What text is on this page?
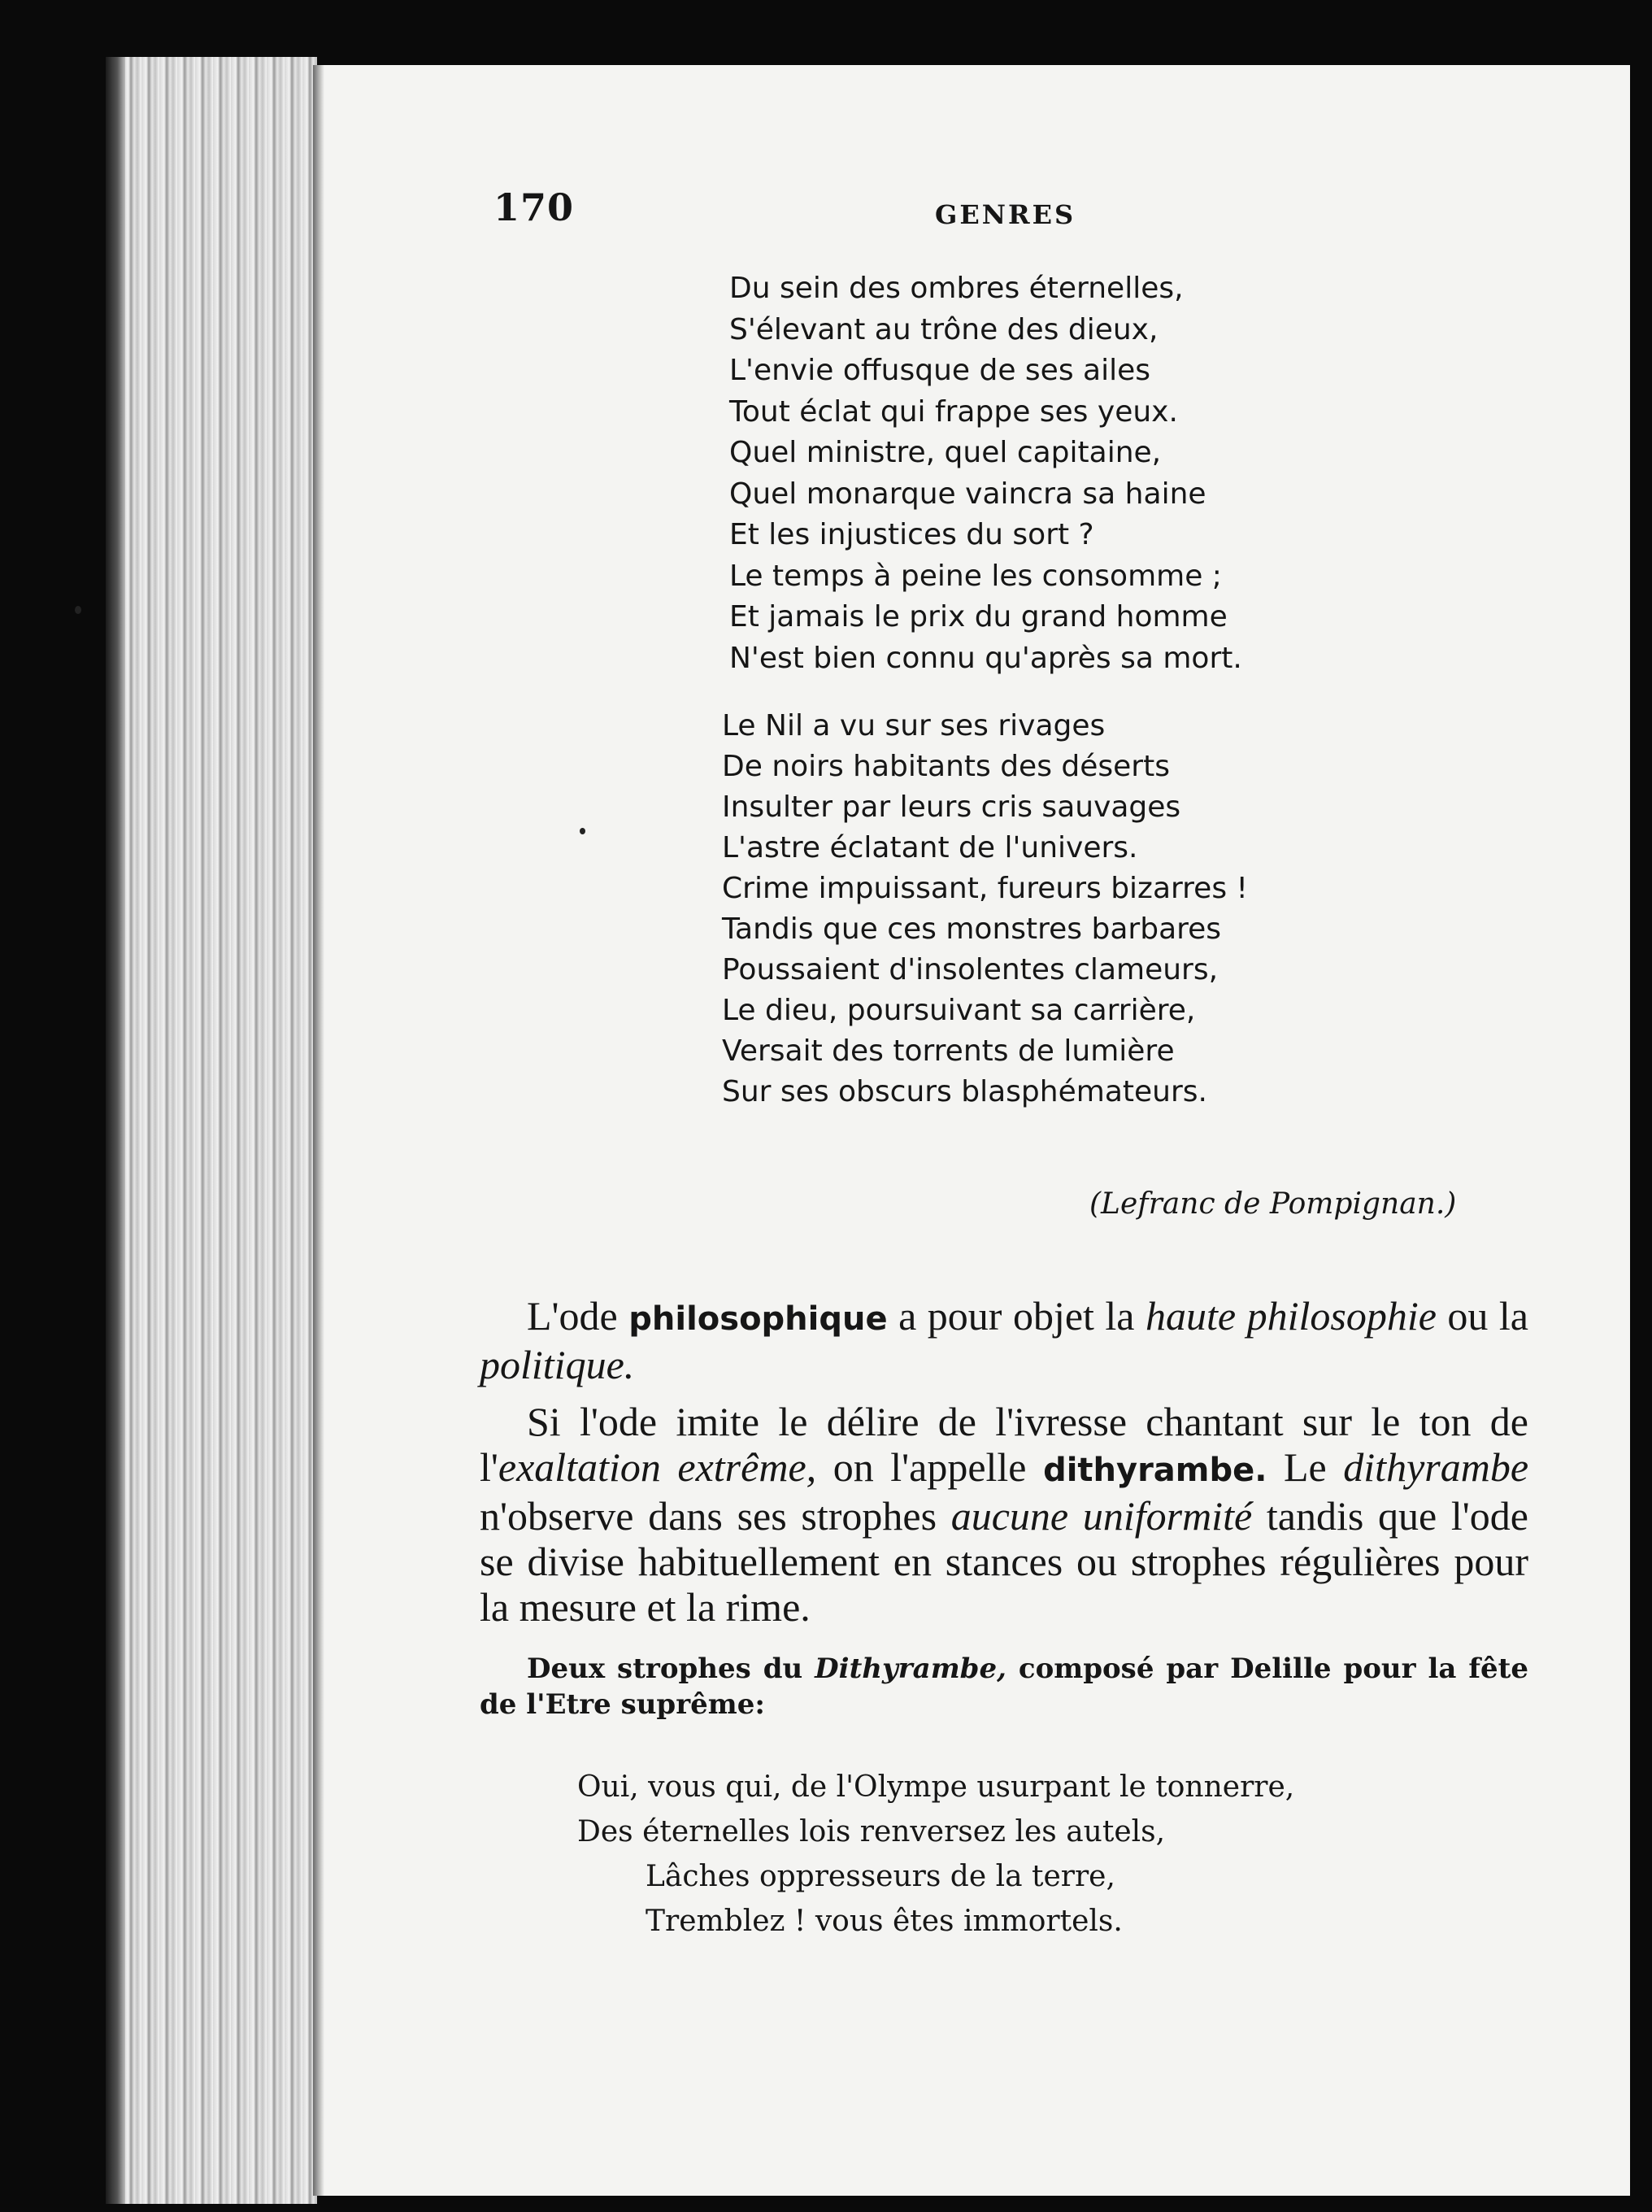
170	GENRES
Du sein des ombres éternelles,
S'élevant au trône des dieux,
L'envie offusque de ses ailes
Tout éclat qui frappe ses yeux.
Quel ministre, quel capitaine,
Quel monarque vaincra sa haine
Et les injustices du sort ?
Le temps à peine les consomme ;
Et jamais le prix du grand homme
N'est bien connu qu'après sa mort.
Le Nil a vu sur ses rivages
De noirs habitants des déserts
Insulter par leurs cris sauvages
L'astre éclatant de l'univers.
Crime impuissant, fureurs bizarres !
Tandis que ces monstres barbares
Poussaient d'insolentes clameurs,
Le dieu, poursuivant sa carrière,
Versait des torrents de lumière
Sur ses obscurs blasphémateurs.
(Lefranc de Pompignan.)

L'ode philosophique a pour objet la haute philosophie ou la politique.

Si l'ode imite le délire de l'ivresse chantant sur le ton de l'exaltation extrême, on l'appelle dithyrambe. Le dithyrambe n'observe dans ses strophes aucune uniformité tandis que l'ode se divise habituellement en stances ou strophes régulières pour la mesure et la rime.

Deux strophes du Dithyrambe, composé par Delille pour la fête de l'Etre suprême:

Oui, vous qui, de l'Olympe usurpant le tonnerre,
Des éternelles lois renversez les autels,
Lâches oppresseurs de la terre,
Tremblez ! vous êtes immortels.
